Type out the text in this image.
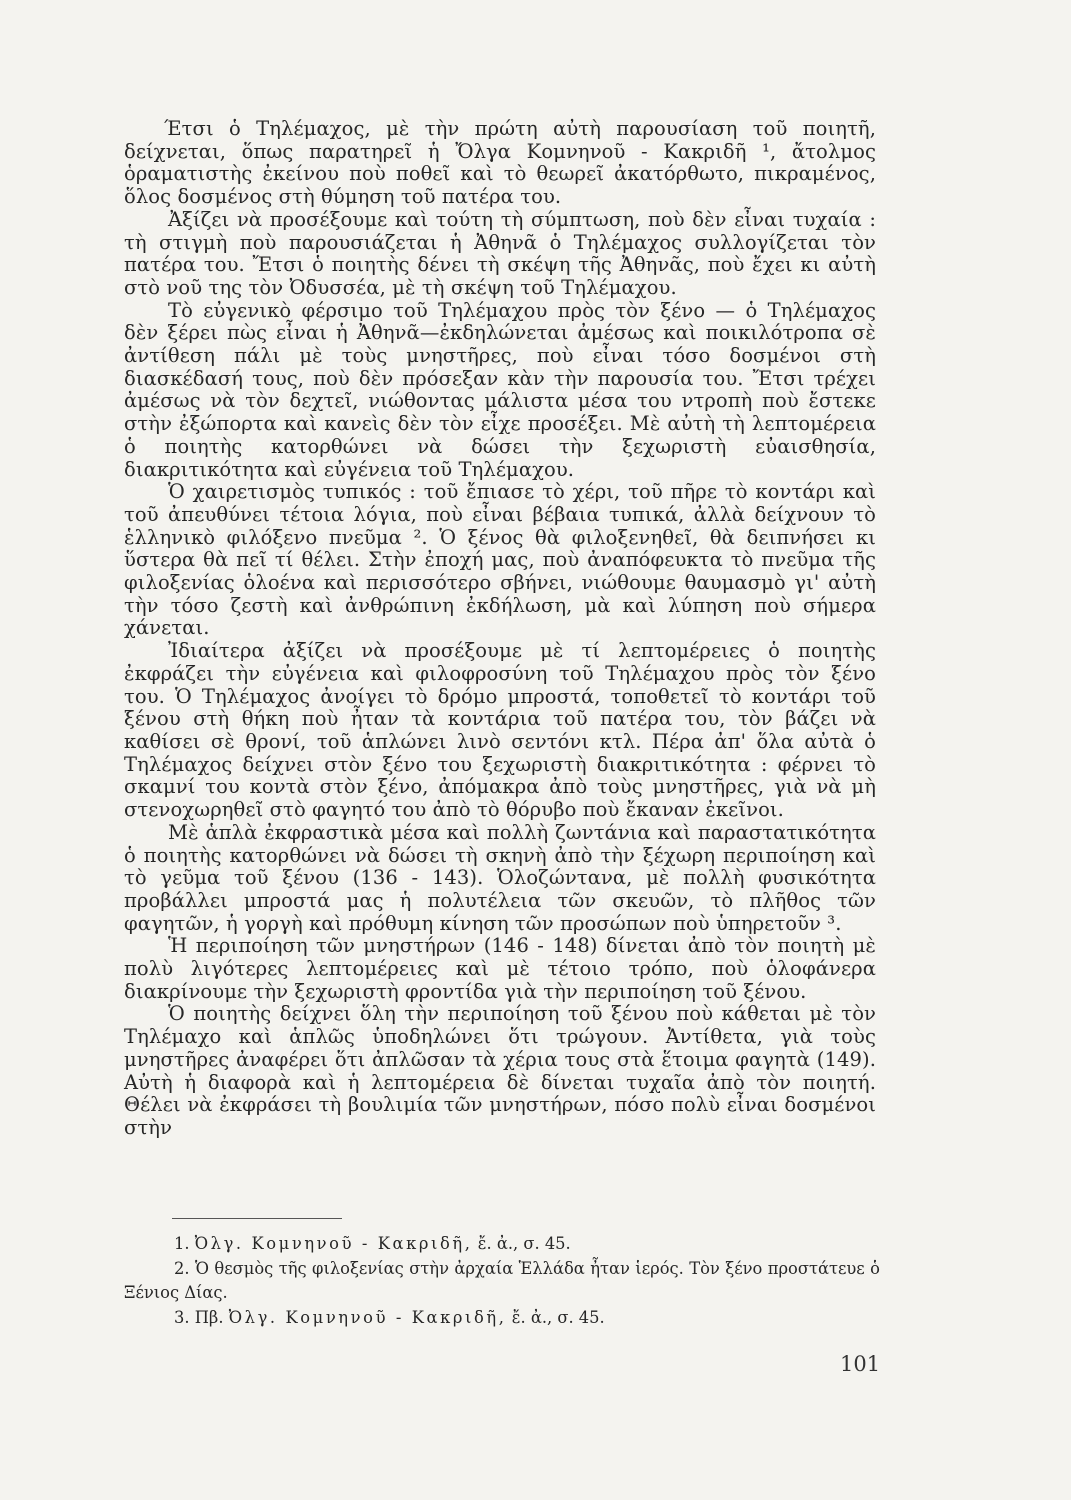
Έτσι ὁ Τηλέμαχος, μὲ τὴν πρώτη αὐτὴ παρουσίαση τοῦ ποιητῆ, δείχνεται, ὅπως παρατηρεῖ ἡ Ὄλγα Κομνηνοῦ - Κακριδῆ ¹, ἄτολμος ὁραματιστὴς ἐκείνου ποὺ ποθεῖ καὶ τὸ θεωρεῖ ἀκατόρθωτο, πικραμένος, ὅλος δοσμένος στὴ θύμηση τοῦ πατέρα του.

Ἀξίζει νὰ προσέξουμε καὶ τούτη τὴ σύμπτωση, ποὺ δὲν εἶναι τυχαία : τὴ στιγμὴ ποὺ παρουσιάζεται ἡ Ἀθηνᾶ ὁ Τηλέμαχος συλλογίζεται τὸν πατέρα του. Ἔτσι ὁ ποιητὴς δένει τὴ σκέψη τῆς Ἀθηνᾶς, ποὺ ἔχει κι αὐτὴ στὸ νοῦ της τὸν Ὀδυσσέα, μὲ τὴ σκέψη τοῦ Τηλέμαχου.

Τὸ εὐγενικὸ φέρσιμο τοῦ Τηλέμαχου πρὸς τὸν ξένο — ὁ Τηλέμαχος δὲν ξέρει πὼς εἶναι ἡ Ἀθηνᾶ—ἐκδηλώνεται ἀμέσως καὶ ποικιλότροπα σὲ ἀντίθεση πάλι μὲ τοὺς μνηστῆρες, ποὺ εἶναι τόσο δοσμένοι στὴ διασκέδασή τους, ποὺ δὲν πρόσεξαν κὰν τὴν παρουσία του. Ἔτσι τρέχει ἀμέσως νὰ τὸν δεχτεῖ, νιώθοντας μάλιστα μέσα του ντροπὴ ποὺ ἔστεκε στὴν ἐξώπορτα καὶ κανεὶς δὲν τὸν εἶχε προσέξει. Μὲ αὐτὴ τὴ λεπτομέρεια ὁ ποιητὴς κατορθώνει νὰ δώσει τὴν ξεχωριστὴ εὐαισθησία, διακριτικότητα καὶ εὐγένεια τοῦ Τηλέμαχου.

Ὁ χαιρετισμὸς τυπικός : τοῦ ἔπιασε τὸ χέρι, τοῦ πῆρε τὸ κοντάρι καὶ τοῦ ἀπευθύνει τέτοια λόγια, ποὺ εἶναι βέβαια τυπικά, ἀλλὰ δείχνουν τὸ ἑλληνικὸ φιλόξενο πνεῦμα ². Ὁ ξένος θὰ φιλοξενηθεῖ, θὰ δειπνήσει κι ὕστερα θὰ πεῖ τί θέλει. Στὴν ἐποχή μας, ποὺ ἀναπόφευκτα τὸ πνεῦμα τῆς φιλοξενίας ὁλοένα καὶ περισσότερο σβήνει, νιώθουμε θαυμασμὸ γι' αὐτὴ τὴν τόσο ζεστὴ καὶ ἀνθρώπινη ἐκδήλωση, μὰ καὶ λύπηση ποὺ σήμερα χάνεται.

Ἰδιαίτερα ἀξίζει νὰ προσέξουμε μὲ τί λεπτομέρειες ὁ ποιητὴς ἐκφράζει τὴν εὐγένεια καὶ φιλοφροσύνη τοῦ Τηλέμαχου πρὸς τὸν ξένο του. Ὁ Τηλέμαχος ἀνοίγει τὸ δρόμο μπροστά, τοποθετεῖ τὸ κοντάρι τοῦ ξένου στὴ θήκη ποὺ ἦταν τὰ κοντάρια τοῦ πατέρα του, τὸν βάζει νὰ καθίσει σὲ θρονί, τοῦ ἁπλώνει λινὸ σεντόνι κτλ. Πέρα ἀπ' ὅλα αὐτὰ ὁ Τηλέμαχος δείχνει στὸν ξένο του ξεχωριστὴ διακριτικότητα : φέρνει τὸ σκαμνί του κοντὰ στὸν ξένο, ἀπόμακρα ἀπὸ τοὺς μνηστῆρες, γιὰ νὰ μὴ στενοχωρηθεῖ στὸ φαγητό του ἀπὸ τὸ θόρυβο ποὺ ἔκαναν ἐκεῖνοι.

Μὲ ἁπλὰ ἐκφραστικὰ μέσα καὶ πολλὴ ζωντάνια καὶ παραστατικότητα ὁ ποιητὴς κατορθώνει νὰ δώσει τὴ σκηνὴ ἀπὸ τὴν ξέχωρη περιποίηση καὶ τὸ γεῦμα τοῦ ξένου (136 - 143). Ὁλοζώντανα, μὲ πολλὴ φυσικότητα προβάλλει μπροστά μας ἡ πολυτέλεια τῶν σκευῶν, τὸ πλῆθος τῶν φαγητῶν, ἡ γοργὴ καὶ πρόθυμη κίνηση τῶν προσώπων ποὺ ὑπηρετοῦν ³.

Ἡ περιποίηση τῶν μνηστήρων (146 - 148) δίνεται ἀπὸ τὸν ποιητὴ μὲ πολὺ λιγότερες λεπτομέρειες καὶ μὲ τέτοιο τρόπο, ποὺ ὁλοφάνερα διακρίνουμε τὴν ξεχωριστὴ φροντίδα γιὰ τὴν περιποίηση τοῦ ξένου.

Ὁ ποιητὴς δείχνει ὅλη τὴν περιποίηση τοῦ ξένου ποὺ κάθεται μὲ τὸν Τηλέμαχο καὶ ἁπλῶς ὑποδηλώνει ὅτι τρώγουν. Ἀντίθετα, γιὰ τοὺς μνηστῆρες ἀναφέρει ὅτι ἀπλῶσαν τὰ χέρια τους στὰ ἕτοιμα φαγητὰ (149). Αὐτὴ ἡ διαφορὰ καὶ ἡ λεπτομέρεια δὲ δίνεται τυχαῖα ἀπὸ τὸν ποιητή. Θέλει νὰ ἐκφράσει τὴ βουλιμία τῶν μνηστήρων, πόσο πολὺ εἶναι δοσμένοι στὴν

1. Ὀλγ. Κομνηνοῦ - Κακριδῆ, ἔ. ἀ., σ. 45.

2. Ὁ θεσμὸς τῆς φιλοξενίας στὴν ἀρχαία Ἑλλάδα ἦταν ἱερός. Τὸν ξένο προστάτευε ὁ Ξένιος Δίας.

3. Πβ. Ὀλγ. Κομνηνοῦ - Κακριδῆ, ἔ. ἀ., σ. 45.

101
